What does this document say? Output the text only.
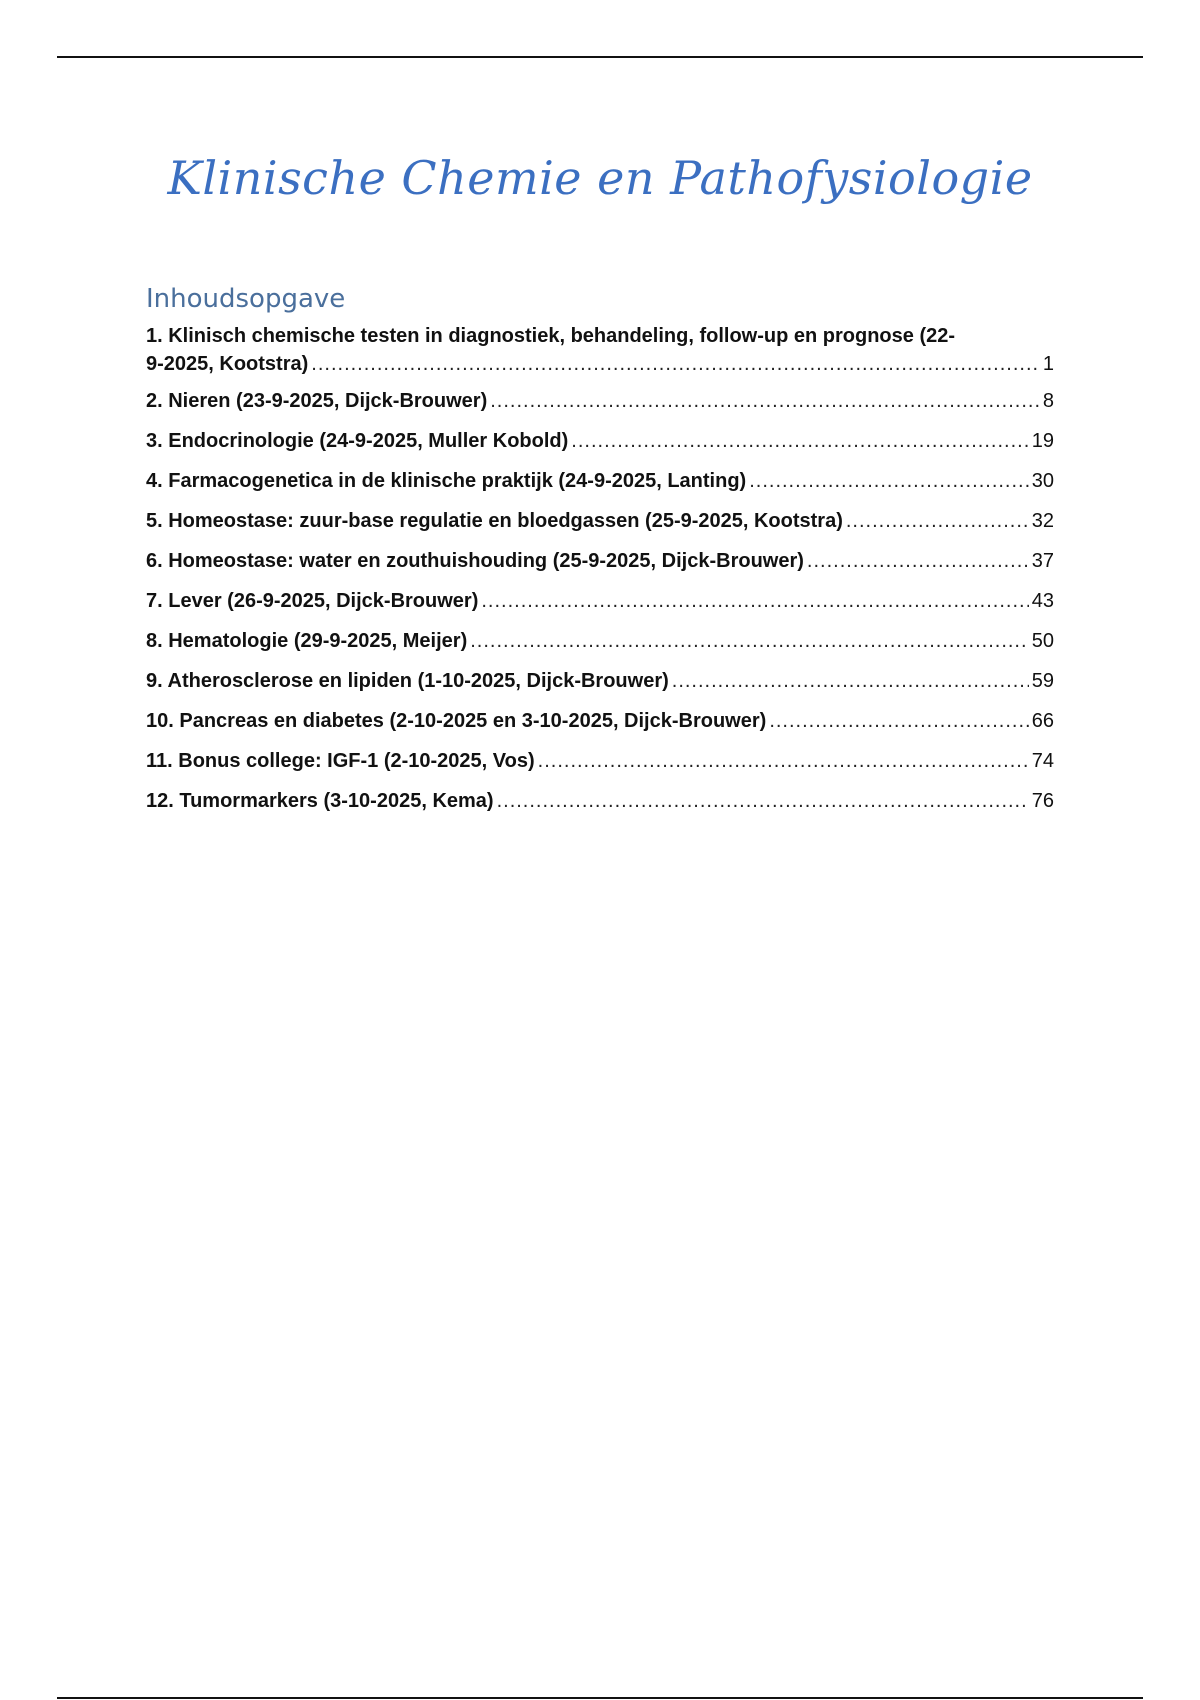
Klinische Chemie en Pathofysiologie
Inhoudsopgave
1. Klinisch chemische testen in diagnostiek, behandeling, follow-up en prognose (22-
9-2025, Kootstra) .....	1
2. Nieren (23-9-2025, Dijck-Brouwer) .....	8
3. Endocrinologie (24-9-2025, Muller Kobold) .....	19
4. Farmacogenetica in de klinische praktijk (24-9-2025, Lanting) .....	30
5. Homeostase: zuur-base regulatie en bloedgassen (25-9-2025, Kootstra) .....	32
6. Homeostase: water en zouthuishouding (25-9-2025, Dijck-Brouwer) .....	37
7. Lever (26-9-2025, Dijck-Brouwer) .....	43
8. Hematologie (29-9-2025, Meijer) .....	50
9. Atherosclerose en lipiden (1-10-2025, Dijck-Brouwer) .....	59
10. Pancreas en diabetes (2-10-2025 en 3-10-2025, Dijck-Brouwer) .....	66
11. Bonus college: IGF-1 (2-10-2025, Vos) .....	74
12. Tumormarkers (3-10-2025, Kema) .....	76
